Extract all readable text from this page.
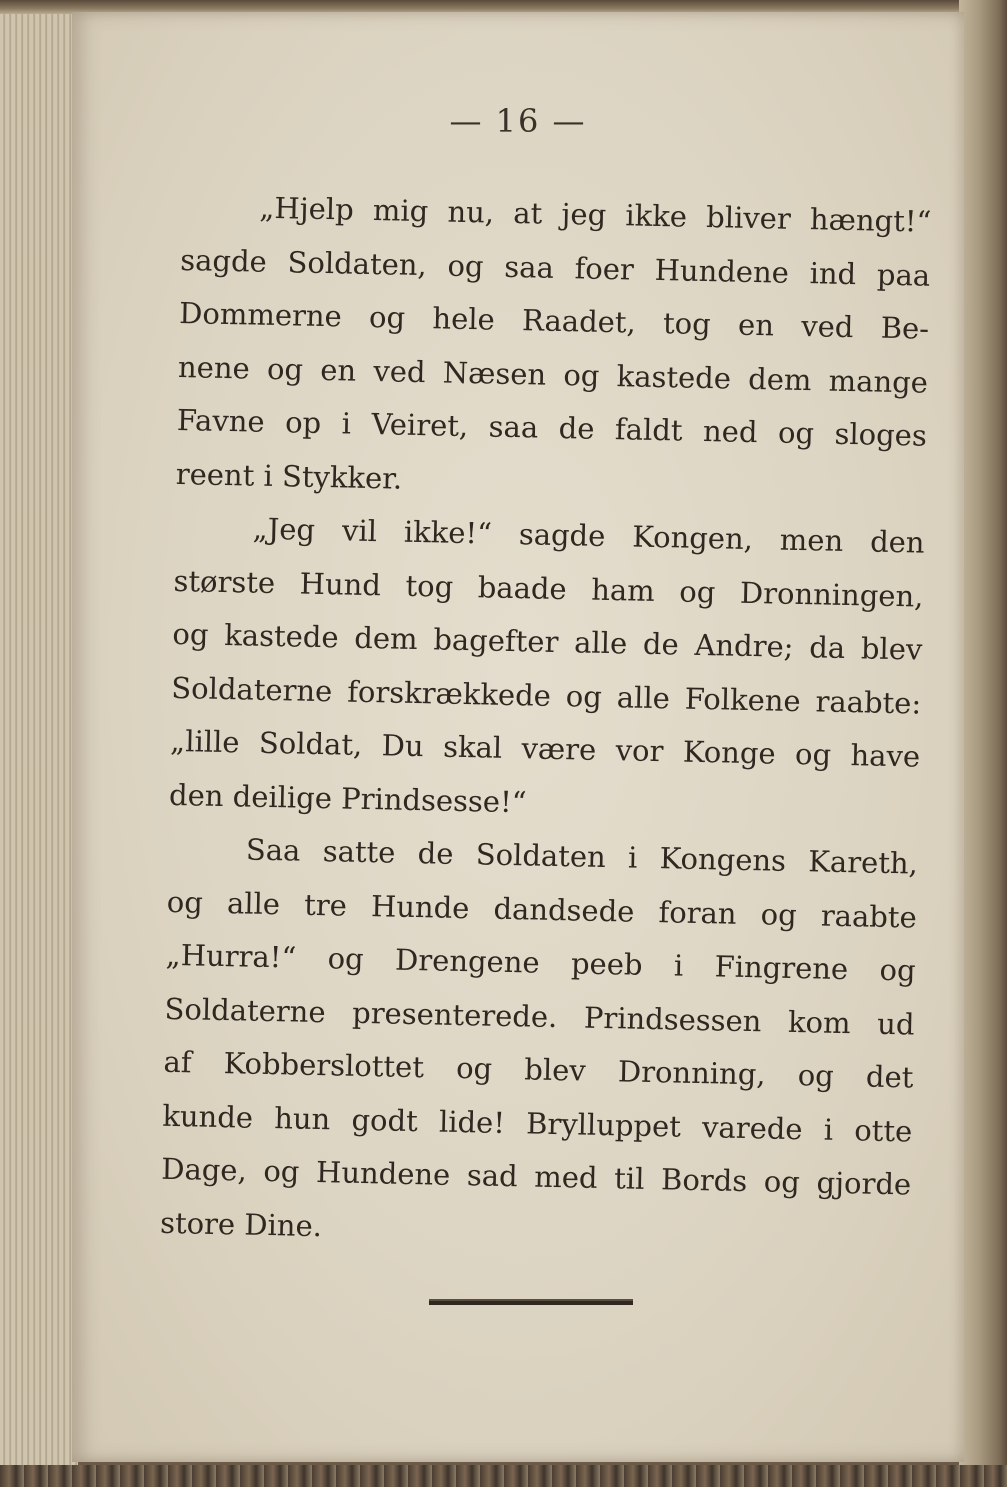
— 16 —
„Hjelp mig nu, at jeg ikke bliver hængt!“
sagde Soldaten, og saa foer Hundene ind paa
Dommerne og hele Raadet, tog en ved Be-
nene og en ved Næsen og kastede dem mange
Favne op i Veiret, saa de faldt ned og sloges
reent i Stykker.
„Jeg vil ikke!“ sagde Kongen, men den
største Hund tog baade ham og Dronningen,
og kastede dem bagefter alle de Andre; da blev
Soldaterne forskrækkede og alle Folkene raabte:
„lille Soldat, Du skal være vor Konge og have
den deilige Prindsesse!“
Saa satte de Soldaten i Kongens Kareth,
og alle tre Hunde dandsede foran og raabte
„Hurra!“ og Drengene peeb i Fingrene og
Soldaterne presenterede. Prindsessen kom ud
af Kobberslottet og blev Dronning, og det
kunde hun godt lide! Brylluppet varede i otte
Dage, og Hundene sad med til Bords og gjorde
store Dine.
